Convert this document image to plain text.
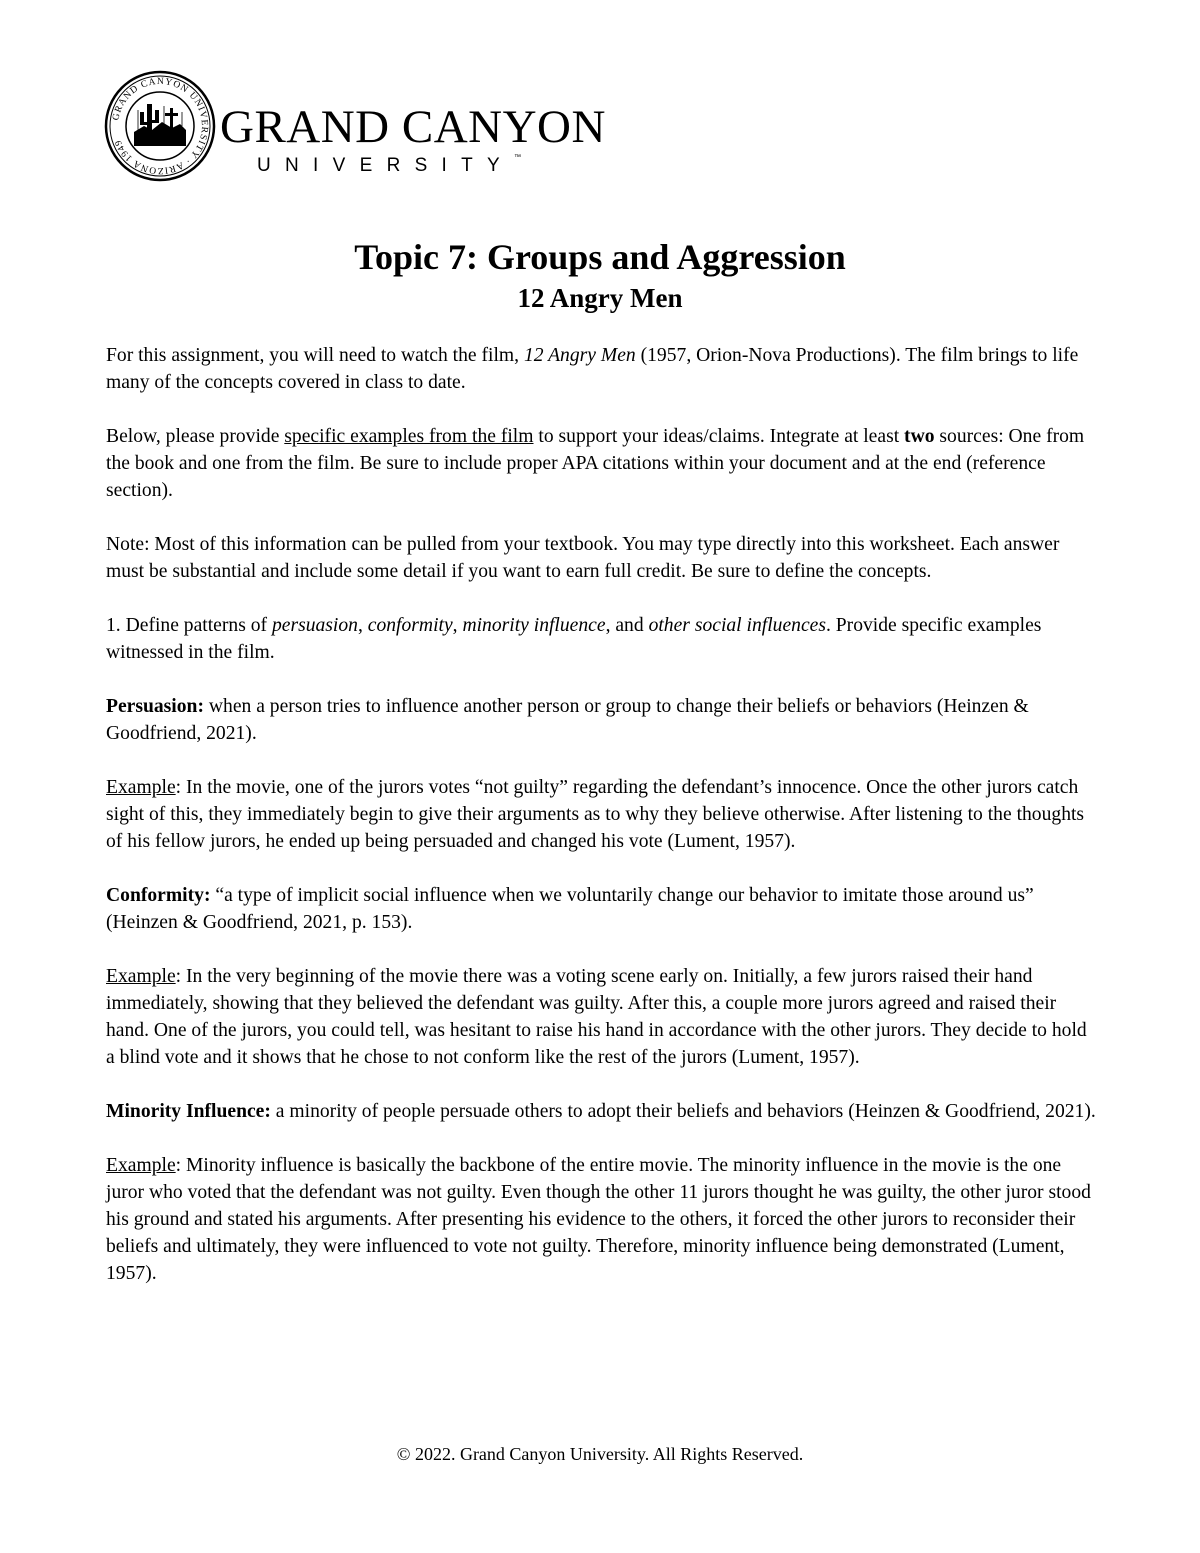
GRAND CANYON UNIVERSITY · ARIZONA 1949	GRAND CANYON
UNIVERSITY™
Topic 7: Groups and Aggression
12 Angry Men

For this assignment, you will need to watch the film, 12 Angry Men (1957, Orion-Nova Productions). The film brings to life many of the concepts covered in class to date.

Below, please provide specific examples from the film to support your ideas/claims. Integrate at least two sources: One from the book and one from the film. Be sure to include proper APA citations within your document and at the end (reference section).

Note: Most of this information can be pulled from your textbook. You may type directly into this worksheet. Each answer must be substantial and include some detail if you want to earn full credit. Be sure to define the concepts.

1. Define patterns of persuasion, conformity, minority influence, and other social influences. Provide specific examples witnessed in the film.

Persuasion: when a person tries to influence another person or group to change their beliefs or behaviors (Heinzen & Goodfriend, 2021).

Example: In the movie, one of the jurors votes “not guilty” regarding the defendant’s innocence. Once the other jurors catch sight of this, they immediately begin to give their arguments as to why they believe otherwise. After listening to the thoughts of his fellow jurors, he ended up being persuaded and changed his vote (Lument, 1957).

Conformity: “a type of implicit social influence when we voluntarily change our behavior to imitate those around us” (Heinzen & Goodfriend, 2021, p. 153).

Example: In the very beginning of the movie there was a voting scene early on. Initially, a few jurors raised their hand immediately, showing that they believed the defendant was guilty. After this, a couple more jurors agreed and raised their hand. One of the jurors, you could tell, was hesitant to raise his hand in accordance with the other jurors. They decide to hold a blind vote and it shows that he chose to not conform like the rest of the jurors (Lument, 1957).

Minority Influence: a minority of people persuade others to adopt their beliefs and behaviors (Heinzen & Goodfriend, 2021).

Example: Minority influence is basically the backbone of the entire movie. The minority influence in the movie is the one juror who voted that the defendant was not guilty. Even though the other 11 jurors thought he was guilty, the other juror stood his ground and stated his arguments. After presenting his evidence to the others, it forced the other jurors to reconsider their beliefs and ultimately, they were influenced to vote not guilty. Therefore, minority influence being demonstrated (Lument, 1957).

© 2022. Grand Canyon University. All Rights Reserved.
